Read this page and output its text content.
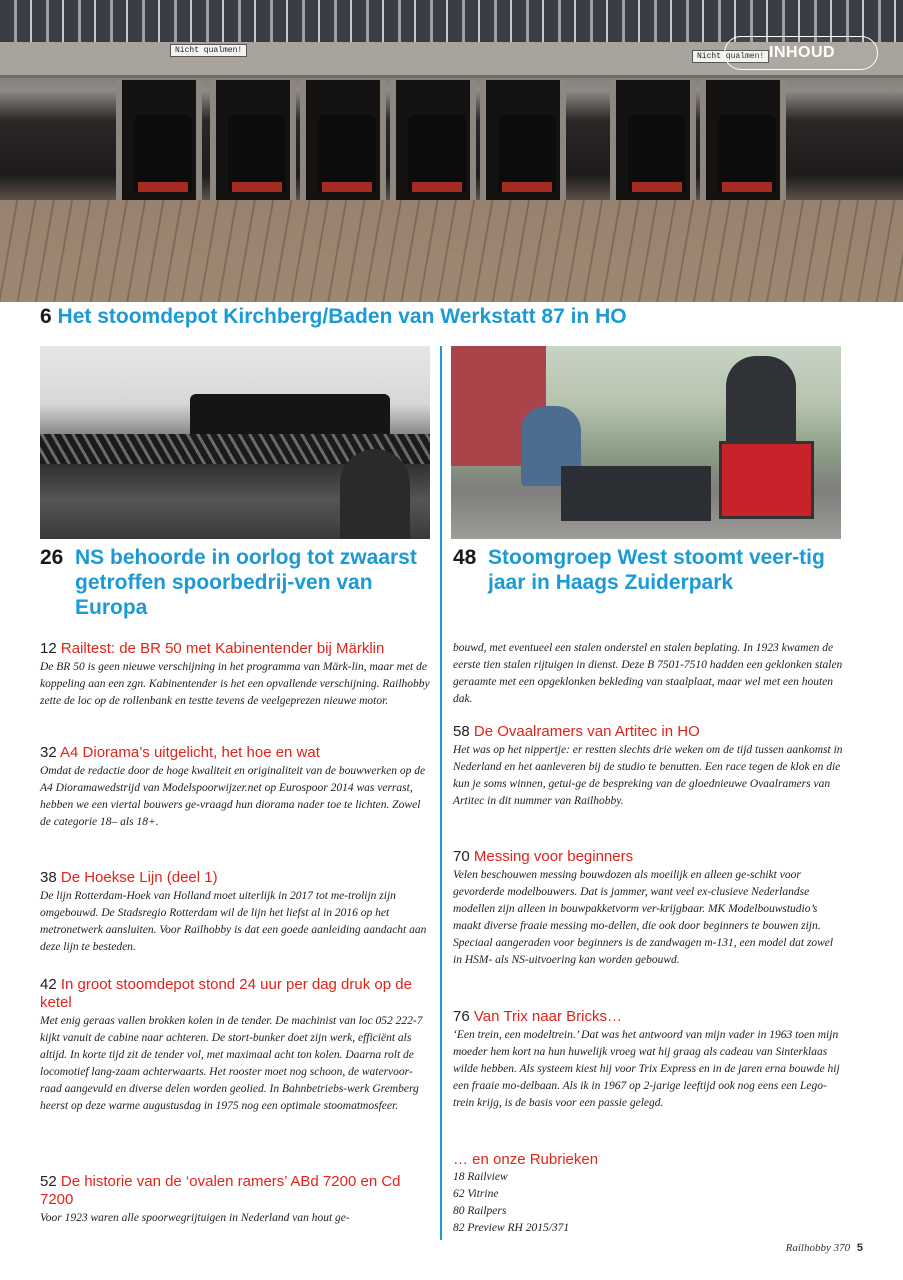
Nicht qualmen!
Nicht qualmen! INHOUD
6 Het stoomdepot Kirchberg/Baden van Werkstatt 87 in HO
26 NS behoorde in oorlog tot zwaarst getroffen spoorbedrij-ven van Europa
48 Stoomgroep West stoomt veer-tig jaar in Haags Zuiderpark
12 Railtest: de BR 50 met Kabinentender bij Märklin
De BR 50 is geen nieuwe verschijning in het programma van Märk-lin, maar met de koppeling aan een zgn. Kabinentender is het een opvallende verschijning. Railhobby zette de loc op de rollenbank en testte tevens de veelgeprezen nieuwe motor.
32 A4 Diorama’s uitgelicht, het hoe en wat
Omdat de redactie door de hoge kwaliteit en originaliteit van de bouwwerken op de A4 Dioramawedstrijd van Modelspoorwijzer.net op Eurospoor 2014 was verrast, hebben we een viertal bouwers ge-vraagd hun diorama nader toe te lichten. Zowel de categorie 18– als 18+.
38 De Hoekse Lijn (deel 1)
De lijn Rotterdam-Hoek van Holland moet uiterlijk in 2017 tot me-trolijn zijn omgebouwd. De Stadsregio Rotterdam wil de lijn het liefst al in 2016 op het metronetwerk aansluiten. Voor Railhobby is dat een goede aanleiding aandacht aan deze lijn te besteden.
42 In groot stoomdepot stond 24 uur per dag druk op de ketel
Met enig geraas vallen brokken kolen in de tender. De machinist van loc 052 222-7 kijkt vanuit de cabine naar achteren. De stort-bunker doet zijn werk, efficiënt als altijd. In korte tijd zit de tender vol, met maximaal acht ton kolen. Daarna rolt de locomotief lang-zaam achterwaarts. Het rooster moet nog schoon, de watervoor-raad aangevuld en diverse delen worden geolied. In Bahnbetriebs-werk Gremberg heerst op deze warme augustusdag in 1975 nog een optimale stoomatmosfeer.
52 De historie van de ‘ovalen ramers’ ABd 7200 en Cd 7200
Voor 1923 waren alle spoorwegrijtuigen in Nederland van hout ge-
bouwd, met eventueel een stalen onderstel en stalen beplating. In 1923 kwamen de eerste tien stalen rijtuigen in dienst. Deze B 7501-7510 hadden een geklonken stalen geraamte met een opgeklonken bekleding van staalplaat, maar wel met een houten dak.
58 De Ovaalramers van Artitec in HO
Het was op het nippertje: er restten slechts drie weken om de tijd tussen aankomst in Nederland en het aanleveren bij de studio te benutten. Een race tegen de klok en die kun je soms winnen, getui-ge de bespreking van de gloednieuwe Ovaalramers van Artitec in dit nummer van Railhobby.
70 Messing voor beginners
Velen beschouwen messing bouwdozen als moeilijk en alleen ge-schikt voor gevorderde modelbouwers. Dat is jammer, want veel ex-clusieve Nederlandse modellen zijn alleen in bouwpakketvorm ver-krijgbaar. MK Modelbouwstudio’s maakt diverse fraaie messing mo-dellen, die ook door beginners te bouwen zijn. Speciaal aangeraden voor beginners is de zandwagen m-131, een model dat zowel in HSM- als NS-uitvoering kan worden gebouwd.
76 Van Trix naar Bricks…
‘Een trein, een modeltrein.’ Dat was het antwoord van mijn vader in 1963 toen mijn moeder hem kort na hun huwelijk vroeg wat hij graag als cadeau van Sinterklaas wilde hebben. Als systeem kiest hij voor Trix Express en in de jaren erna bouwde hij een fraaie mo-delbaan. Als ik in 1967 op 2-jarige leeftijd ook nog eens een Lego-trein krijg, is de basis voor een passie gelegd.
… en onze Rubrieken
18 Railview
62 Vitrine
80 Railpers
82 Preview RH 2015/371
Railhobby 370 5
